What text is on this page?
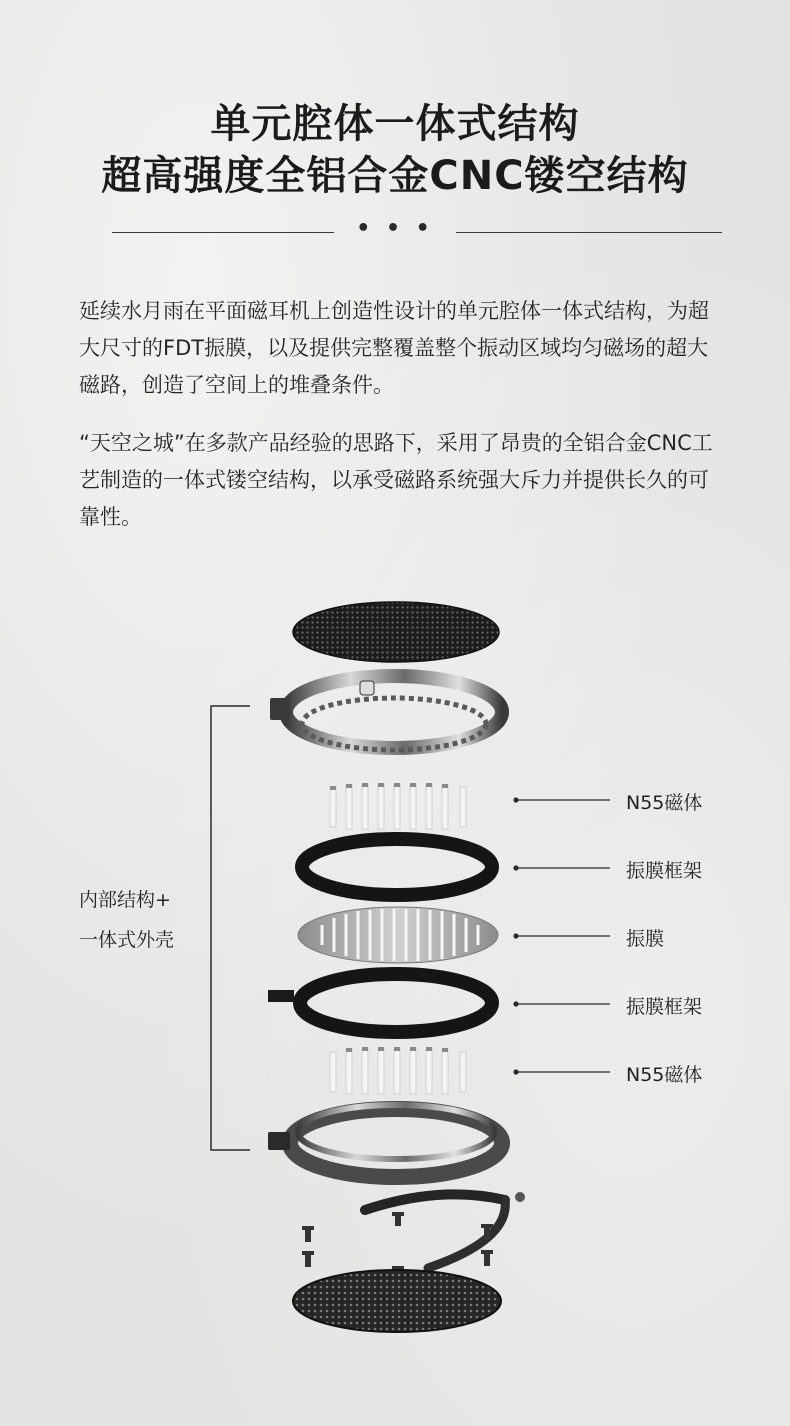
单元腔体一体式结构
超高强度全铝合金CNC镂空结构
• • •

延续水月雨在平面磁耳机上创造性设计的单元腔体一体式结构，为超大尺寸的FDT振膜，以及提供完整覆盖整个振动区域均匀磁场的超大磁路，创造了空间上的堆叠条件。

“天空之城”在多款产品经验的思路下，采用了昂贵的全铝合金CNC工艺制造的一体式镂空结构，以承受磁路系统强大斥力并提供长久的可靠性。

内部结构+
一体式外壳
N55磁体
振膜框架
振膜
振膜框架
N55磁体
